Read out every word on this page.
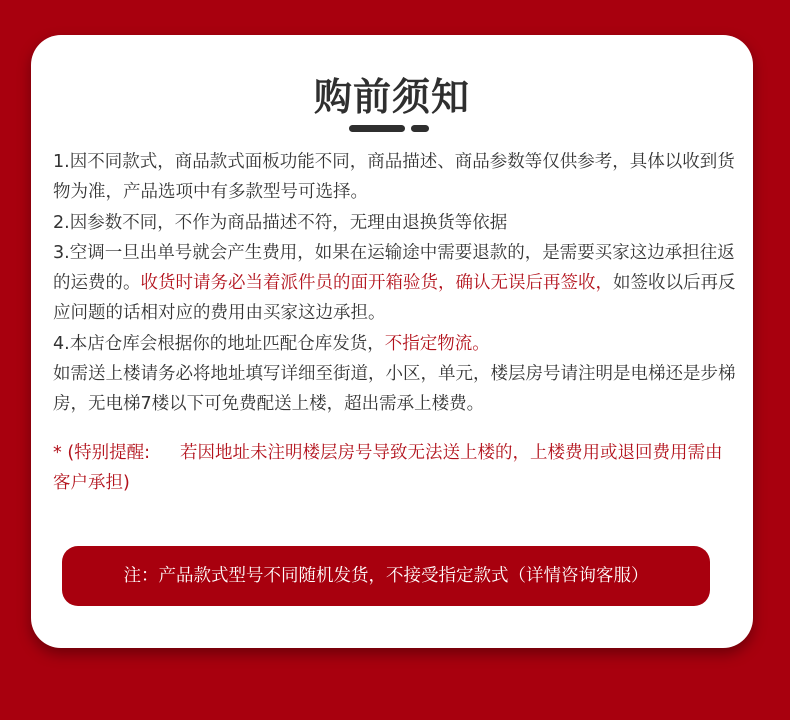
购前须知

1.因不同款式，商品款式面板功能不同，商品描述、商品参数等仅供参考，具体以收到货物为准，产品选项中有多款型号可选择。

2.因参数不同，不作为商品描述不符，无理由退换货等依据

3.空调一旦出单号就会产生费用，如果在运输途中需要退款的，是需要买家这边承担往返的运费的。收货时请务必当着派件员的面开箱验货，确认无误后再签收，如签收以后再反应问题的话相对应的费用由买家这边承担。

4.本店仓库会根据你的地址匹配仓库发货，不指定物流。

如需送上楼请务必将地址填写详细至街道，小区，单元，楼层房号请注明是电梯还是步梯房，无电梯7楼以下可免费配送上楼，超出需承上楼费。

* (特别提醒: 若因地址未注明楼层房号导致无法送上楼的，上楼费用或退回费用需由客户承担)
注：产品款式型号不同随机发货，不接受指定款式（详情咨询客服）
